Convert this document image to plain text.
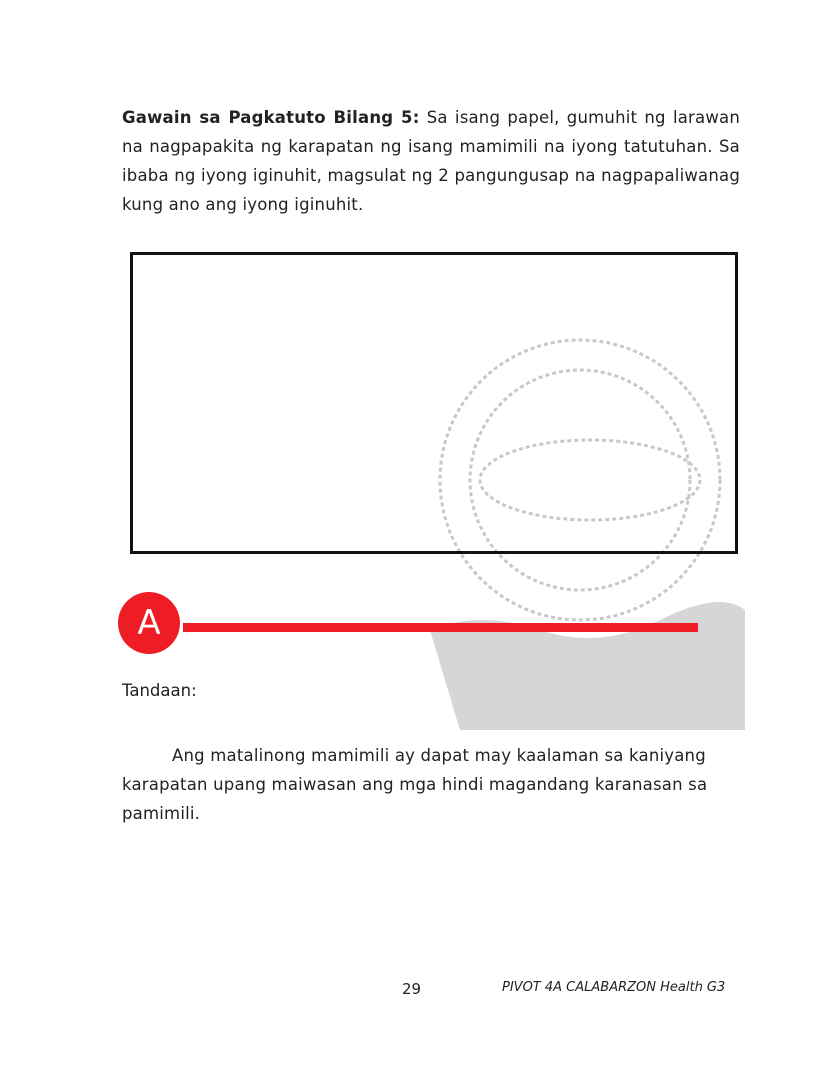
Gawain sa Pagkatuto Bilang 5: Sa isang papel, gumuhit ng larawan na nagpapakita ng karapatan ng isang mamimili na iyong tatutuhan. Sa ibaba ng iyong iginuhit, magsulat ng 2 pangungusap na nagpapaliwanag kung ano ang iyong iginuhit.
A
Tandaan:
Ang matalinong mamimili ay dapat may kaalaman sa kaniyang karapatan upang maiwasan ang mga hindi magandang karanasan sa pamimili.
29	PIVOT 4A CALABARZON Health G3
